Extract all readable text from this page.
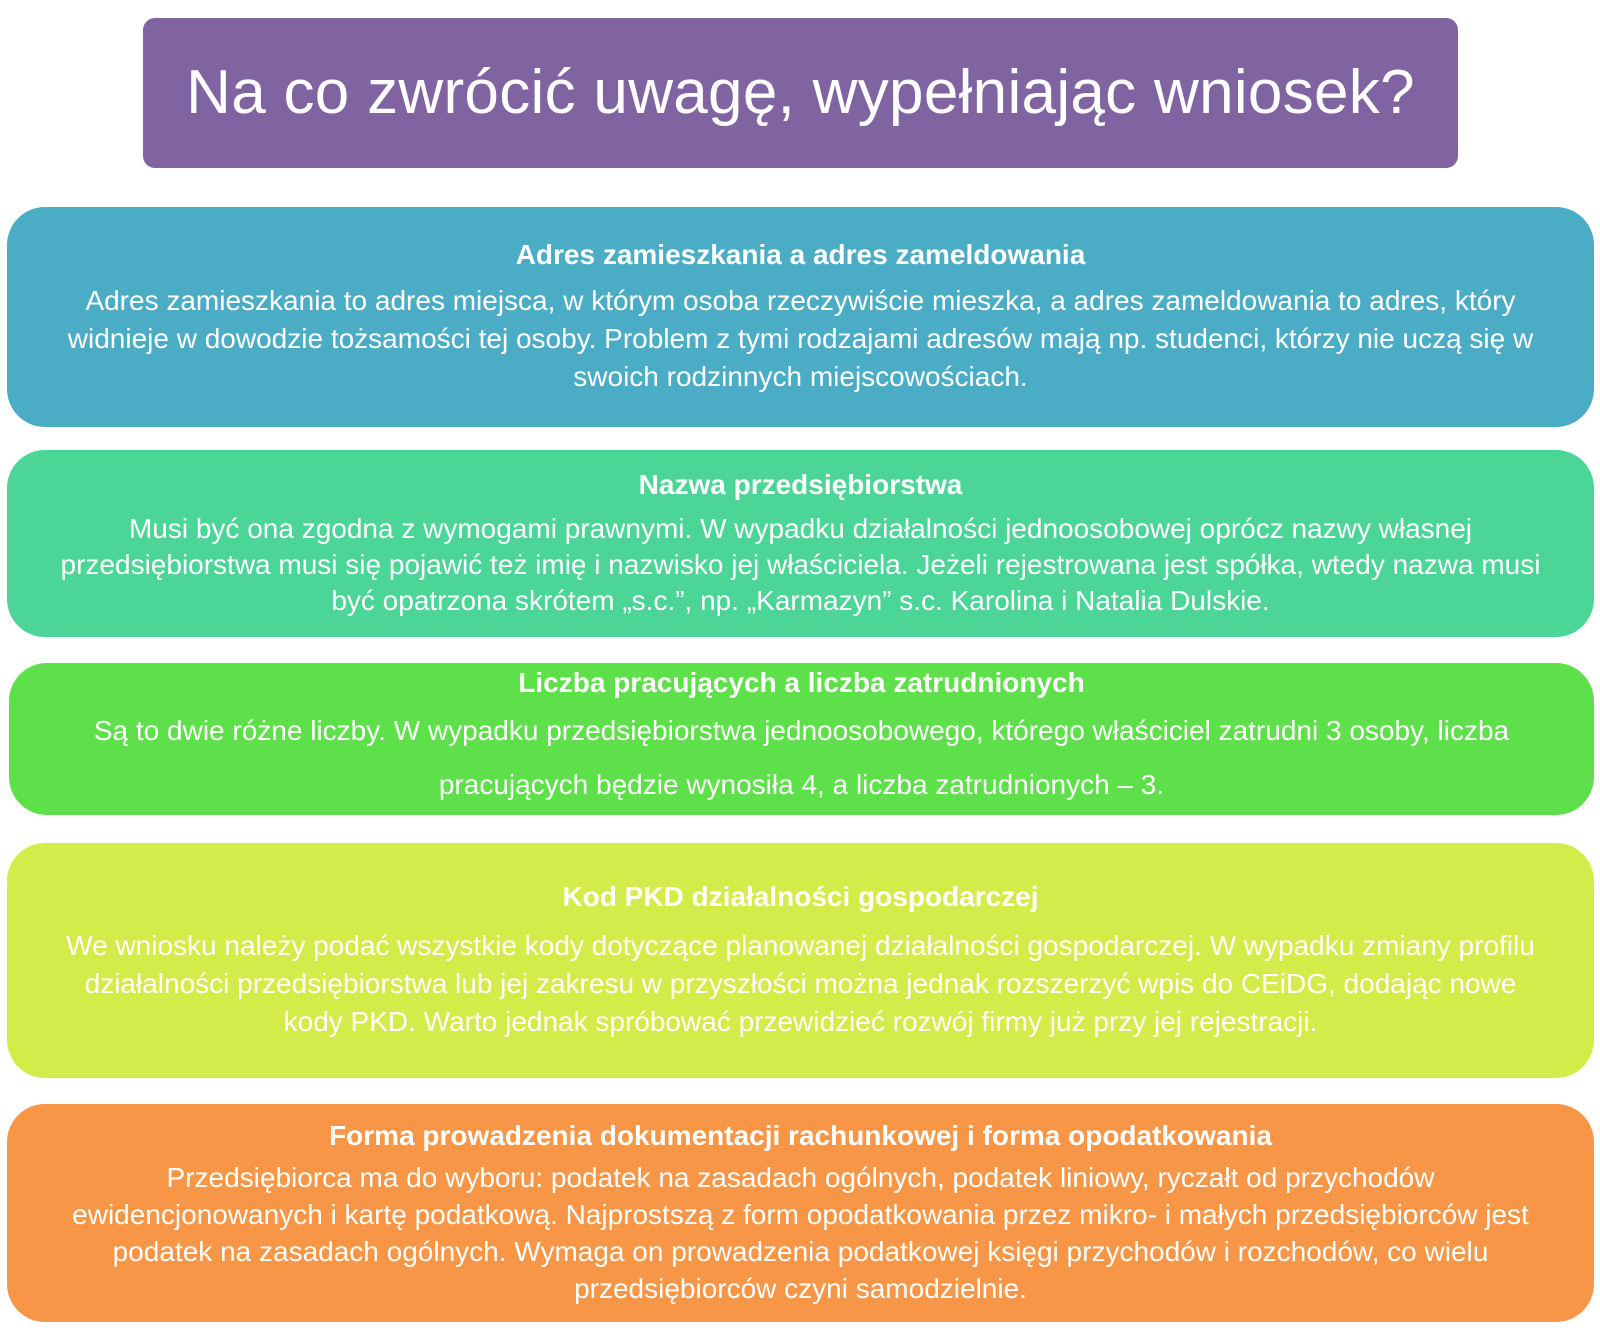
Na co zwrócić uwagę, wypełniając wniosek?
Adres zamieszkania a adres zameldowania
Adres zamieszkania to adres miejsca, w którym osoba rzeczywiście mieszka, a adres zameldowania to adres, który widnieje w dowodzie tożsamości tej osoby. Problem z tymi rodzajami adresów mają np. studenci, którzy nie uczą się w swoich rodzinnych miejscowościach.
Nazwa przedsiębiorstwa
Musi być ona zgodna z wymogami prawnymi. W wypadku działalności jednoosobowej oprócz nazwy własnej przedsiębiorstwa musi się pojawić też imię i nazwisko jej właściciela. Jeżeli rejestrowana jest spółka, wtedy nazwa musi być opatrzona skrótem „s.c.”, np. „Karmazyn” s.c. Karolina i Natalia Dulskie.
Liczba pracujących a liczba zatrudnionych
Są to dwie różne liczby. W wypadku przedsiębiorstwa jednoosobowego, którego właściciel zatrudni 3 osoby, liczba pracujących będzie wynosiła 4, a liczba zatrudnionych – 3.
Kod PKD działalności gospodarczej
We wniosku należy podać wszystkie kody dotyczące planowanej działalności gospodarczej. W wypadku zmiany profilu działalności przedsiębiorstwa lub jej zakresu w przyszłości można jednak rozszerzyć wpis do CEiDG, dodając nowe kody PKD. Warto jednak spróbować przewidzieć rozwój firmy już przy jej rejestracji.
Forma prowadzenia dokumentacji rachunkowej i forma opodatkowania
Przedsiębiorca ma do wyboru: podatek na zasadach ogólnych, podatek liniowy, ryczałt od przychodów ewidencjonowanych i kartę podatkową. Najprostszą z form opodatkowania przez mikro- i małych przedsiębiorców jest podatek na zasadach ogólnych. Wymaga on prowadzenia podatkowej księgi przychodów i rozchodów, co wielu przedsiębiorców czyni samodzielnie.
